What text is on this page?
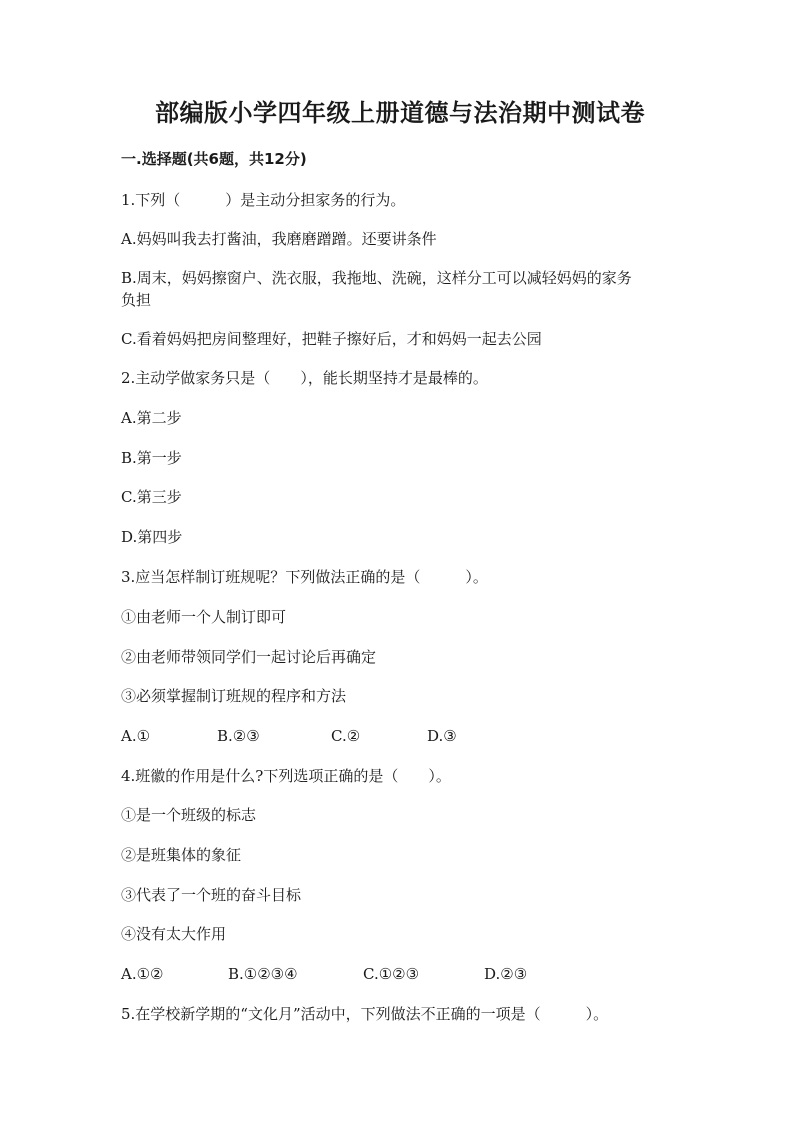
部编版小学四年级上册道德与法治期中测试卷
一.选择题(共6题，共12分)
1.下列（　　　）是主动分担家务的行为。
A.妈妈叫我去打酱油，我磨磨蹭蹭。还要讲条件
B.周末，妈妈擦窗户、洗衣服，我拖地、洗碗，这样分工可以减轻妈妈的家务
负担
C.看着妈妈把房间整理好，把鞋子擦好后，才和妈妈一起去公园
2.主动学做家务只是（　　），能长期坚持才是最棒的。
A.第二步
B.第一步
C.第三步
D.第四步
3.应当怎样制订班规呢？下列做法正确的是（　　　）。
①由老师一个人制订即可
②由老师带领同学们一起讨论后再确定
③必须掌握制订班规的程序和方法
A.①	B.②③	C.②	D.③
4.班徽的作用是什么?下列选项正确的是（　　）。
①是一个班级的标志
②是班集体的象征
③代表了一个班的奋斗目标
④没有太大作用
A.①②	B.①②③④	C.①②③	D.②③
5.在学校新学期的“文化月”活动中，下列做法不正确的一项是（　　　）。
